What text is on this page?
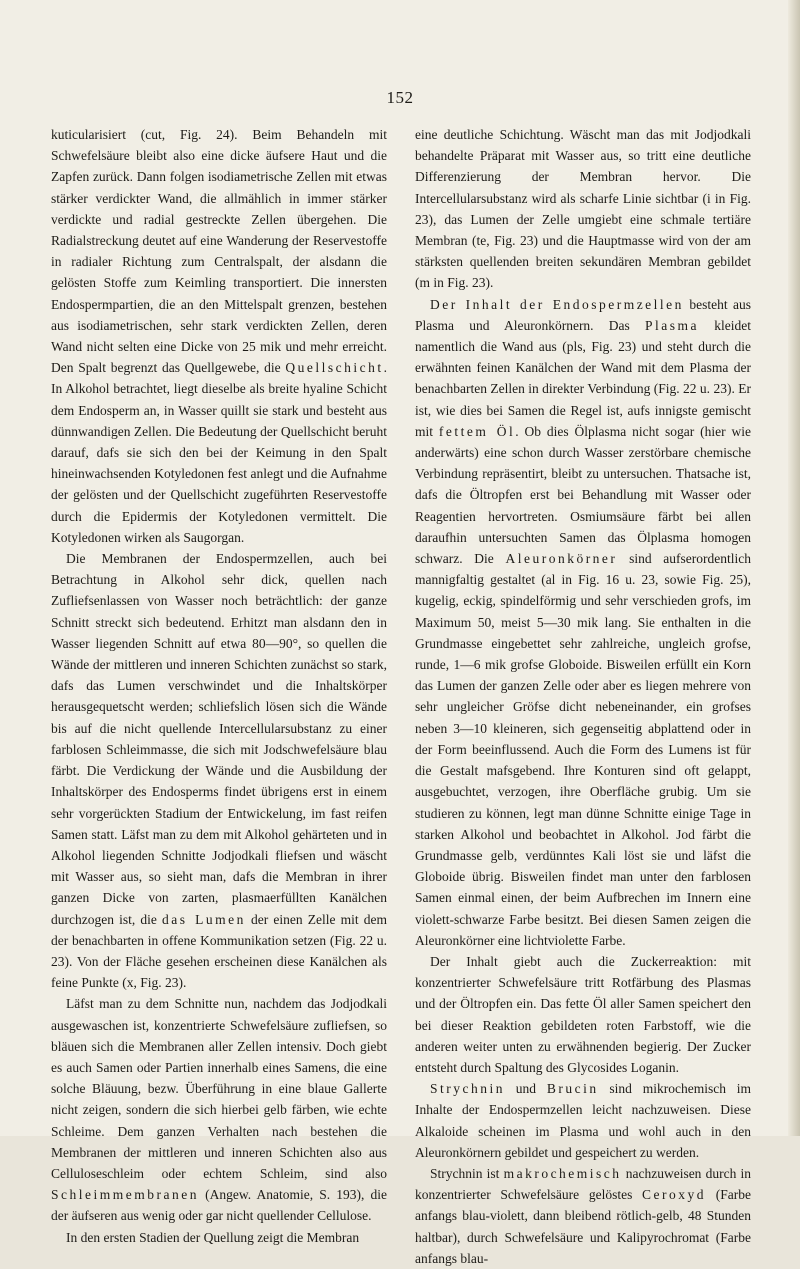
152

kuticularisiert (cut, Fig. 24). Beim Behandeln mit Schwefelsäure bleibt also eine dicke äufsere Haut und die Zapfen zurück. Dann folgen isodiametrische Zellen mit etwas stärker verdickter Wand, die allmählich in immer stärker verdickte und radial gestreckte Zellen übergehen. Die Radialstreckung deutet auf eine Wanderung der Reservestoffe in radialer Richtung zum Centralspalt, der alsdann die gelösten Stoffe zum Keimling transportiert. Die innersten Endospermpartien, die an den Mittelspalt grenzen, bestehen aus isodiametrischen, sehr stark verdickten Zellen, deren Wand nicht selten eine Dicke von 25 mik und mehr erreicht. Den Spalt begrenzt das Quellgewebe, die Quellschicht. In Alkohol betrachtet, liegt dieselbe als breite hyaline Schicht dem Endosperm an, in Wasser quillt sie stark und besteht aus dünnwandigen Zellen. Die Bedeutung der Quellschicht beruht darauf, dafs sie sich den bei der Keimung in den Spalt hineinwachsenden Kotyledonen fest anlegt und die Aufnahme der gelösten und der Quellschicht zugeführten Reservestoffe durch die Epidermis der Kotyledonen vermittelt. Die Kotyledonen wirken als Saugorgan.

Die Membranen der Endospermzellen, auch bei Betrachtung in Alkohol sehr dick, quellen nach Zufliefsenlassen von Wasser noch beträchtlich: der ganze Schnitt streckt sich bedeutend. Erhitzt man alsdann den in Wasser liegenden Schnitt auf etwa 80—90°, so quellen die Wände der mittleren und inneren Schichten zunächst so stark, dafs das Lumen verschwindet und die Inhaltskörper herausgequetscht werden; schliefslich lösen sich die Wände bis auf die nicht quellende Intercellularsubstanz zu einer farblosen Schleimmasse, die sich mit Jodschwefelsäure blau färbt. Die Verdickung der Wände und die Ausbildung der Inhaltskörper des Endosperms findet übrigens erst in einem sehr vorgerückten Stadium der Entwickelung, im fast reifen Samen statt. Läfst man zu dem mit Alkohol gehärteten und in Alkohol liegenden Schnitte Jodjodkali fliefsen und wäscht mit Wasser aus, so sieht man, dafs die Membran in ihrer ganzen Dicke von zarten, plasmaerfüllten Kanälchen durchzogen ist, die das Lumen der einen Zelle mit dem der benachbarten in offene Kommunikation setzen (Fig. 22 u. 23). Von der Fläche gesehen erscheinen diese Kanälchen als feine Punkte (x, Fig. 23).

Läfst man zu dem Schnitte nun, nachdem das Jodjodkali ausgewaschen ist, konzentrierte Schwefelsäure zufliefsen, so bläuen sich die Membranen aller Zellen intensiv. Doch giebt es auch Samen oder Partien innerhalb eines Samens, die eine solche Bläuung, bezw. Überführung in eine blaue Gallerte nicht zeigen, sondern die sich hierbei gelb färben, wie echte Schleime. Dem ganzen Verhalten nach bestehen die Membranen der mittleren und inneren Schichten also aus Celluloseschleim oder echtem Schleim, sind also Schleimmembranen (Angew. Anatomie, S. 193), die der äufseren aus wenig oder gar nicht quellender Cellulose.

In den ersten Stadien der Quellung zeigt die Membran

eine deutliche Schichtung. Wäscht man das mit Jodjodkali behandelte Präparat mit Wasser aus, so tritt eine deutliche Differenzierung der Membran hervor. Die Intercellularsubstanz wird als scharfe Linie sichtbar (i in Fig. 23), das Lumen der Zelle umgiebt eine schmale tertiäre Membran (te, Fig. 23) und die Hauptmasse wird von der am stärksten quellenden breiten sekundären Membran gebildet (m in Fig. 23).

Der Inhalt der Endospermzellen besteht aus Plasma und Aleuronkörnern. Das Plasma kleidet namentlich die Wand aus (pls, Fig. 23) und steht durch die erwähnten feinen Kanälchen der Wand mit dem Plasma der benachbarten Zellen in direkter Verbindung (Fig. 22 u. 23). Er ist, wie dies bei Samen die Regel ist, aufs innigste gemischt mit fettem Öl. Ob dies Ölplasma nicht sogar (hier wie anderwärts) eine schon durch Wasser zerstörbare chemische Verbindung repräsentirt, bleibt zu untersuchen. Thatsache ist, dafs die Öltropfen erst bei Behandlung mit Wasser oder Reagentien hervortreten. Osmiumsäure färbt bei allen daraufhin untersuchten Samen das Ölplasma homogen schwarz. Die Aleuronkörner sind aufserordentlich mannigfaltig gestaltet (al in Fig. 16 u. 23, sowie Fig. 25), kugelig, eckig, spindelförmig und sehr verschieden grofs, im Maximum 50, meist 5—30 mik lang. Sie enthalten in die Grundmasse eingebettet sehr zahlreiche, ungleich grofse, runde, 1—6 mik grofse Globoide. Bisweilen erfüllt ein Korn das Lumen der ganzen Zelle oder aber es liegen mehrere von sehr ungleicher Gröfse dicht nebeneinander, ein grofses neben 3—10 kleineren, sich gegenseitig abplattend oder in der Form beeinflussend. Auch die Form des Lumens ist für die Gestalt mafsgebend. Ihre Konturen sind oft gelappt, ausgebuchtet, verzogen, ihre Oberfläche grubig. Um sie studieren zu können, legt man dünne Schnitte einige Tage in starken Alkohol und beobachtet in Alkohol. Jod färbt die Grundmasse gelb, verdünntes Kali löst sie und läfst die Globoide übrig. Bisweilen findet man unter den farblosen Samen einmal einen, der beim Aufbrechen im Innern eine violett-schwarze Farbe besitzt. Bei diesen Samen zeigen die Aleuronkörner eine lichtviolette Farbe.

Der Inhalt giebt auch die Zuckerreaktion: mit konzentrierter Schwefelsäure tritt Rotfärbung des Plasmas und der Öltropfen ein. Das fette Öl aller Samen speichert den bei dieser Reaktion gebildeten roten Farbstoff, wie die anderen weiter unten zu erwähnenden begierig. Der Zucker entsteht durch Spaltung des Glycosides Loganin.

Strychnin und Brucin sind mikrochemisch im Inhalte der Endospermzellen leicht nachzuweisen. Diese Alkaloide scheinen im Plasma und wohl auch in den Aleuronkörnern gebildet und gespeichert zu werden.

Strychnin ist makrochemisch nachzuweisen durch in konzentrierter Schwefelsäure gelöstes Ceroxyd (Farbe anfangs blau-violett, dann bleibend rötlich-gelb, 48 Stunden haltbar), durch Schwefelsäure und Kalipyrochromat (Farbe anfangs blau-
